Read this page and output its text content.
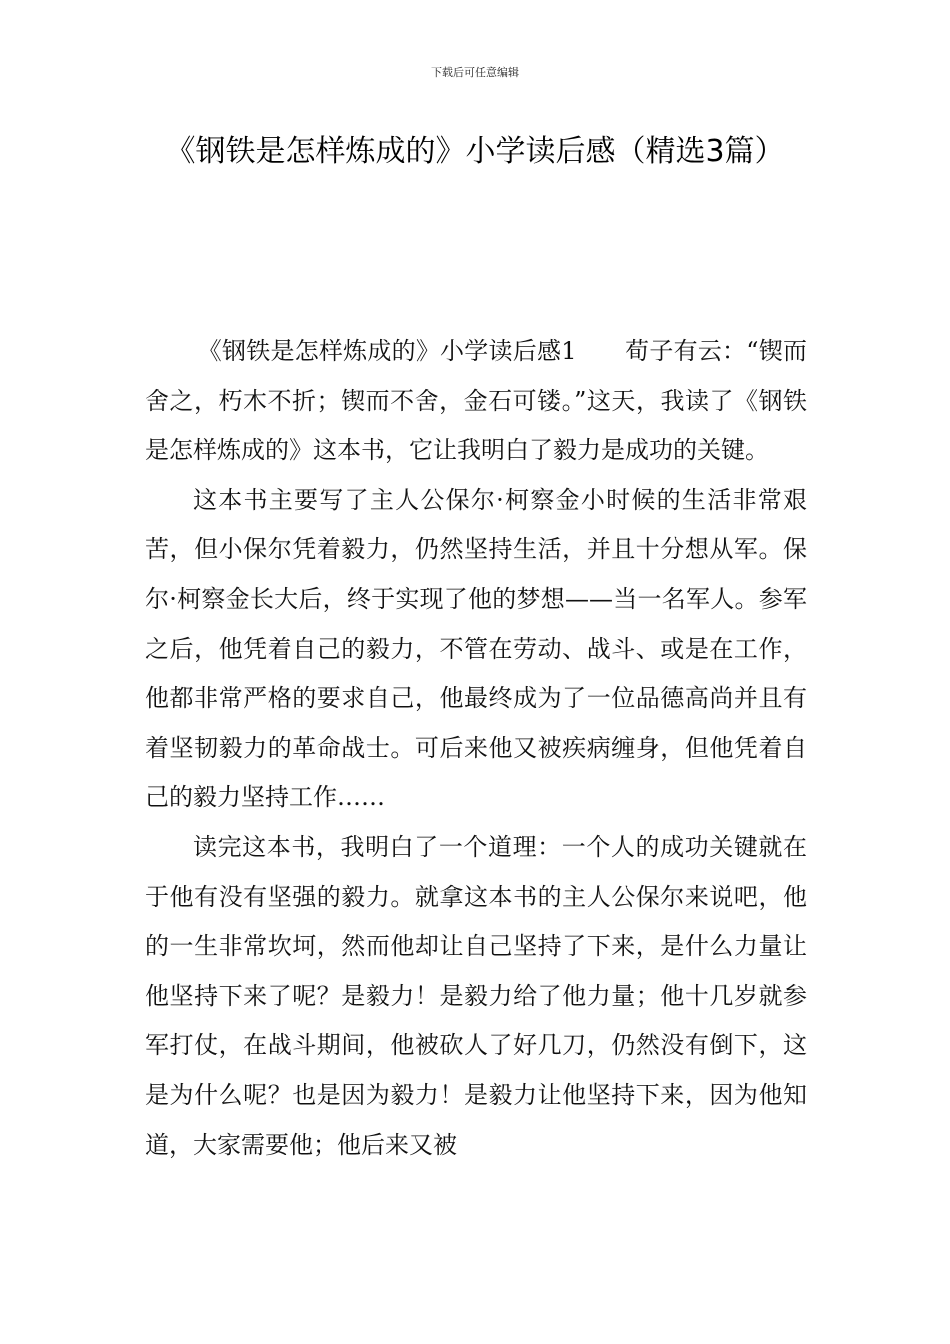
下载后可任意编辑
《钢铁是怎样炼成的》小学读后感（精选3篇）

《钢铁是怎样炼成的》小学读后感1　　荀子有云：“锲而舍之，朽木不折；锲而不舍，金石可镂。”这天，我读了《钢铁是怎样炼成的》这本书，它让我明白了毅力是成功的关键。

这本书主要写了主人公保尔·柯察金小时候的生活非常艰苦，但小保尔凭着毅力，仍然坚持生活，并且十分想从军。保尔·柯察金长大后，终于实现了他的梦想——当一名军人。参军之后，他凭着自己的毅力，不管在劳动、战斗、或是在工作，他都非常严格的要求自己，他最终成为了一位品德高尚并且有着坚韧毅力的革命战士。可后来他又被疾病缠身，但他凭着自己的毅力坚持工作……

读完这本书，我明白了一个道理：一个人的成功关键就在于他有没有坚强的毅力。就拿这本书的主人公保尔来说吧，他的一生非常坎坷，然而他却让自己坚持了下来，是什么力量让他坚持下来了呢？是毅力！是毅力给了他力量；他十几岁就参军打仗，在战斗期间，他被砍人了好几刀，仍然没有倒下，这是为什么呢？也是因为毅力！是毅力让他坚持下来，因为他知道，大家需要他；他后来又被
